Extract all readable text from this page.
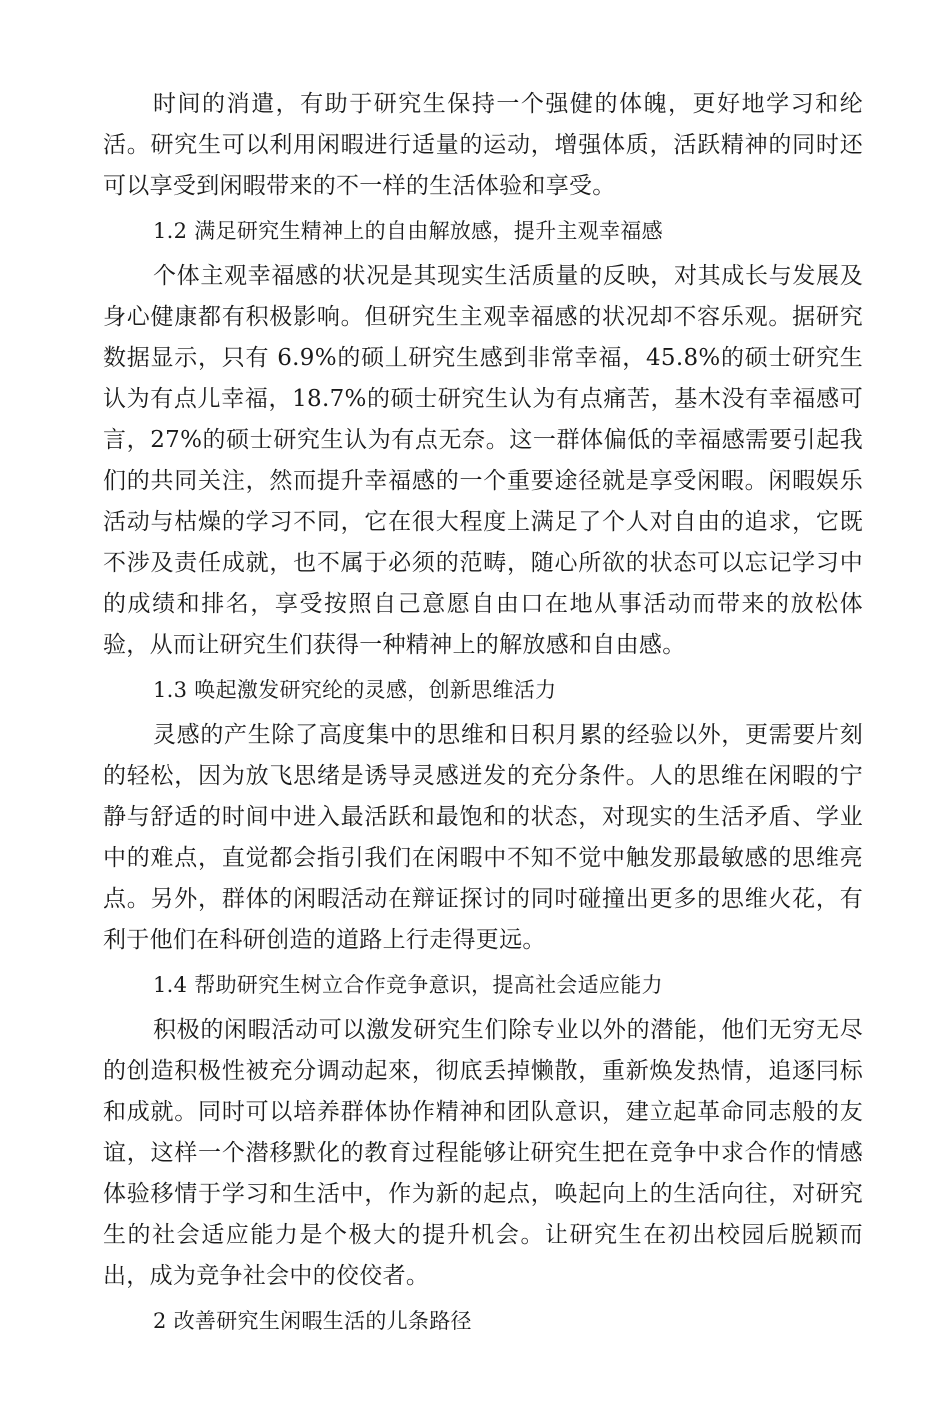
时间的消遣，有助于研究生保持一个强健的体魄，更好地学习和纶活。研究生可以利用闲暇进行适量的运动，增强体质，活跃精神的同时还可以享受到闲暇带来的不一样的生活体验和享受。

1.2 满足研究生精神上的自由解放感，提升主观幸福感

个体主观幸福感的状况是其现实生活质量的反映，对其成长与发展及身心健康都有积极影响。但研究生主观幸福感的状况却不容乐观。据研究数据显示，只有 6.9%的硕丄研究生感到非常幸福，45.8%的硕士研究生认为有点儿幸福，18.7%的硕士研究生认为有点痛苦，基木没有幸福感可言，27%的硕士研究生认为有点无奈。这一群体偏低的幸福感需要引起我们的共同关注，然而提升幸福感的一个重要途径就是享受闲暇。闲暇娱乐活动与枯燥的学习不同，它在很大程度上满足了个人对自由的追求，它既不涉及责任成就，也不属于必须的范畴，随心所欲的状态可以忘记学习中的成绩和排名，享受按照自己意愿自由口在地从事活动而带来的放松体验，从而让研究生们获得一种精神上的解放感和自由感。

1.3 唤起激发研究纶的灵感，创新思维活力

灵感的产生除了高度集中的思维和日积月累的经验以外，更需要片刻的轻松，因为放飞思绪是诱导灵感迸发的充分条件。人的思维在闲暇的宁静与舒适的时间中进入最活跃和最饱和的状态，对现实的生活矛盾、学业中的难点，直觉都会指引我们在闲暇中不知不觉中触发那最敏感的思维亮点。另外，群体的闲暇活动在辩证探讨的同吋碰撞出更多的思维火花，有利于他们在科研创造的道路上行走得更远。

1.4 帮助研究生树立合作竞争意识，提高社会适应能力

积极的闲暇活动可以激发研究生们除专业以外的潜能，他们无穷无尽的创造积极性被充分调动起來，彻底丢掉懒散，重新焕发热情，追逐冃标和成就。同时可以培养群体协作精神和团队意识，建立起革命同志般的友谊，这样一个潜移默化的教育过程能够让研究生把在竞争中求合作的情感体验移情于学习和生活中，作为新的起点，唤起向上的生活向往，对研究生的社会适应能力是个极大的提升机会。让研究生在初出校园后脱颖而出，成为竞争社会中的佼佼者。

2 改善研究生闲暇生活的儿条路径
